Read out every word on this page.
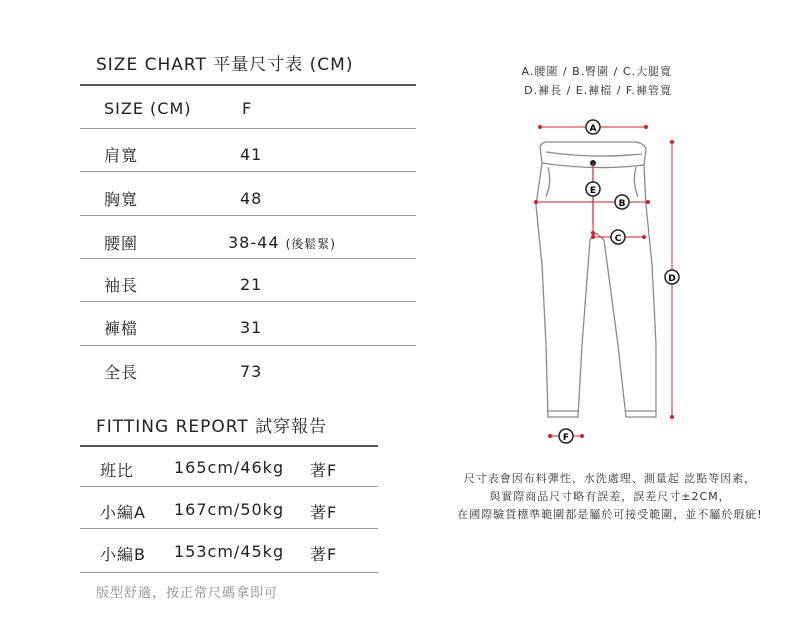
SIZE CHART 平量尺寸表 (CM)
SIZE (CM)	F
肩寬	41
胸寬	48
腰圍	38-44 (後鬆緊)
袖長	21
褲檔	31
全長	73
FITTING REPORT 試穿報告
班比 165cm/46kg 著F
小編A 167cm/50kg 著F
小編B 153cm/45kg 著F
版型舒適，按正常尺碼拿即可
A.腰圍 / B.臀圍 / C.大腿寬
D.褲長 / E.褲檔 / F.褲管寬
A
E
B
C
D
F
尺寸表會因布料彈性、水洗處理、測量起 訖點等因素，
與實際商品尺寸略有誤差，誤差尺寸±2CM，
在國際驗貨標準範圍都是屬於可接受範圍，並不屬於瑕疵!
